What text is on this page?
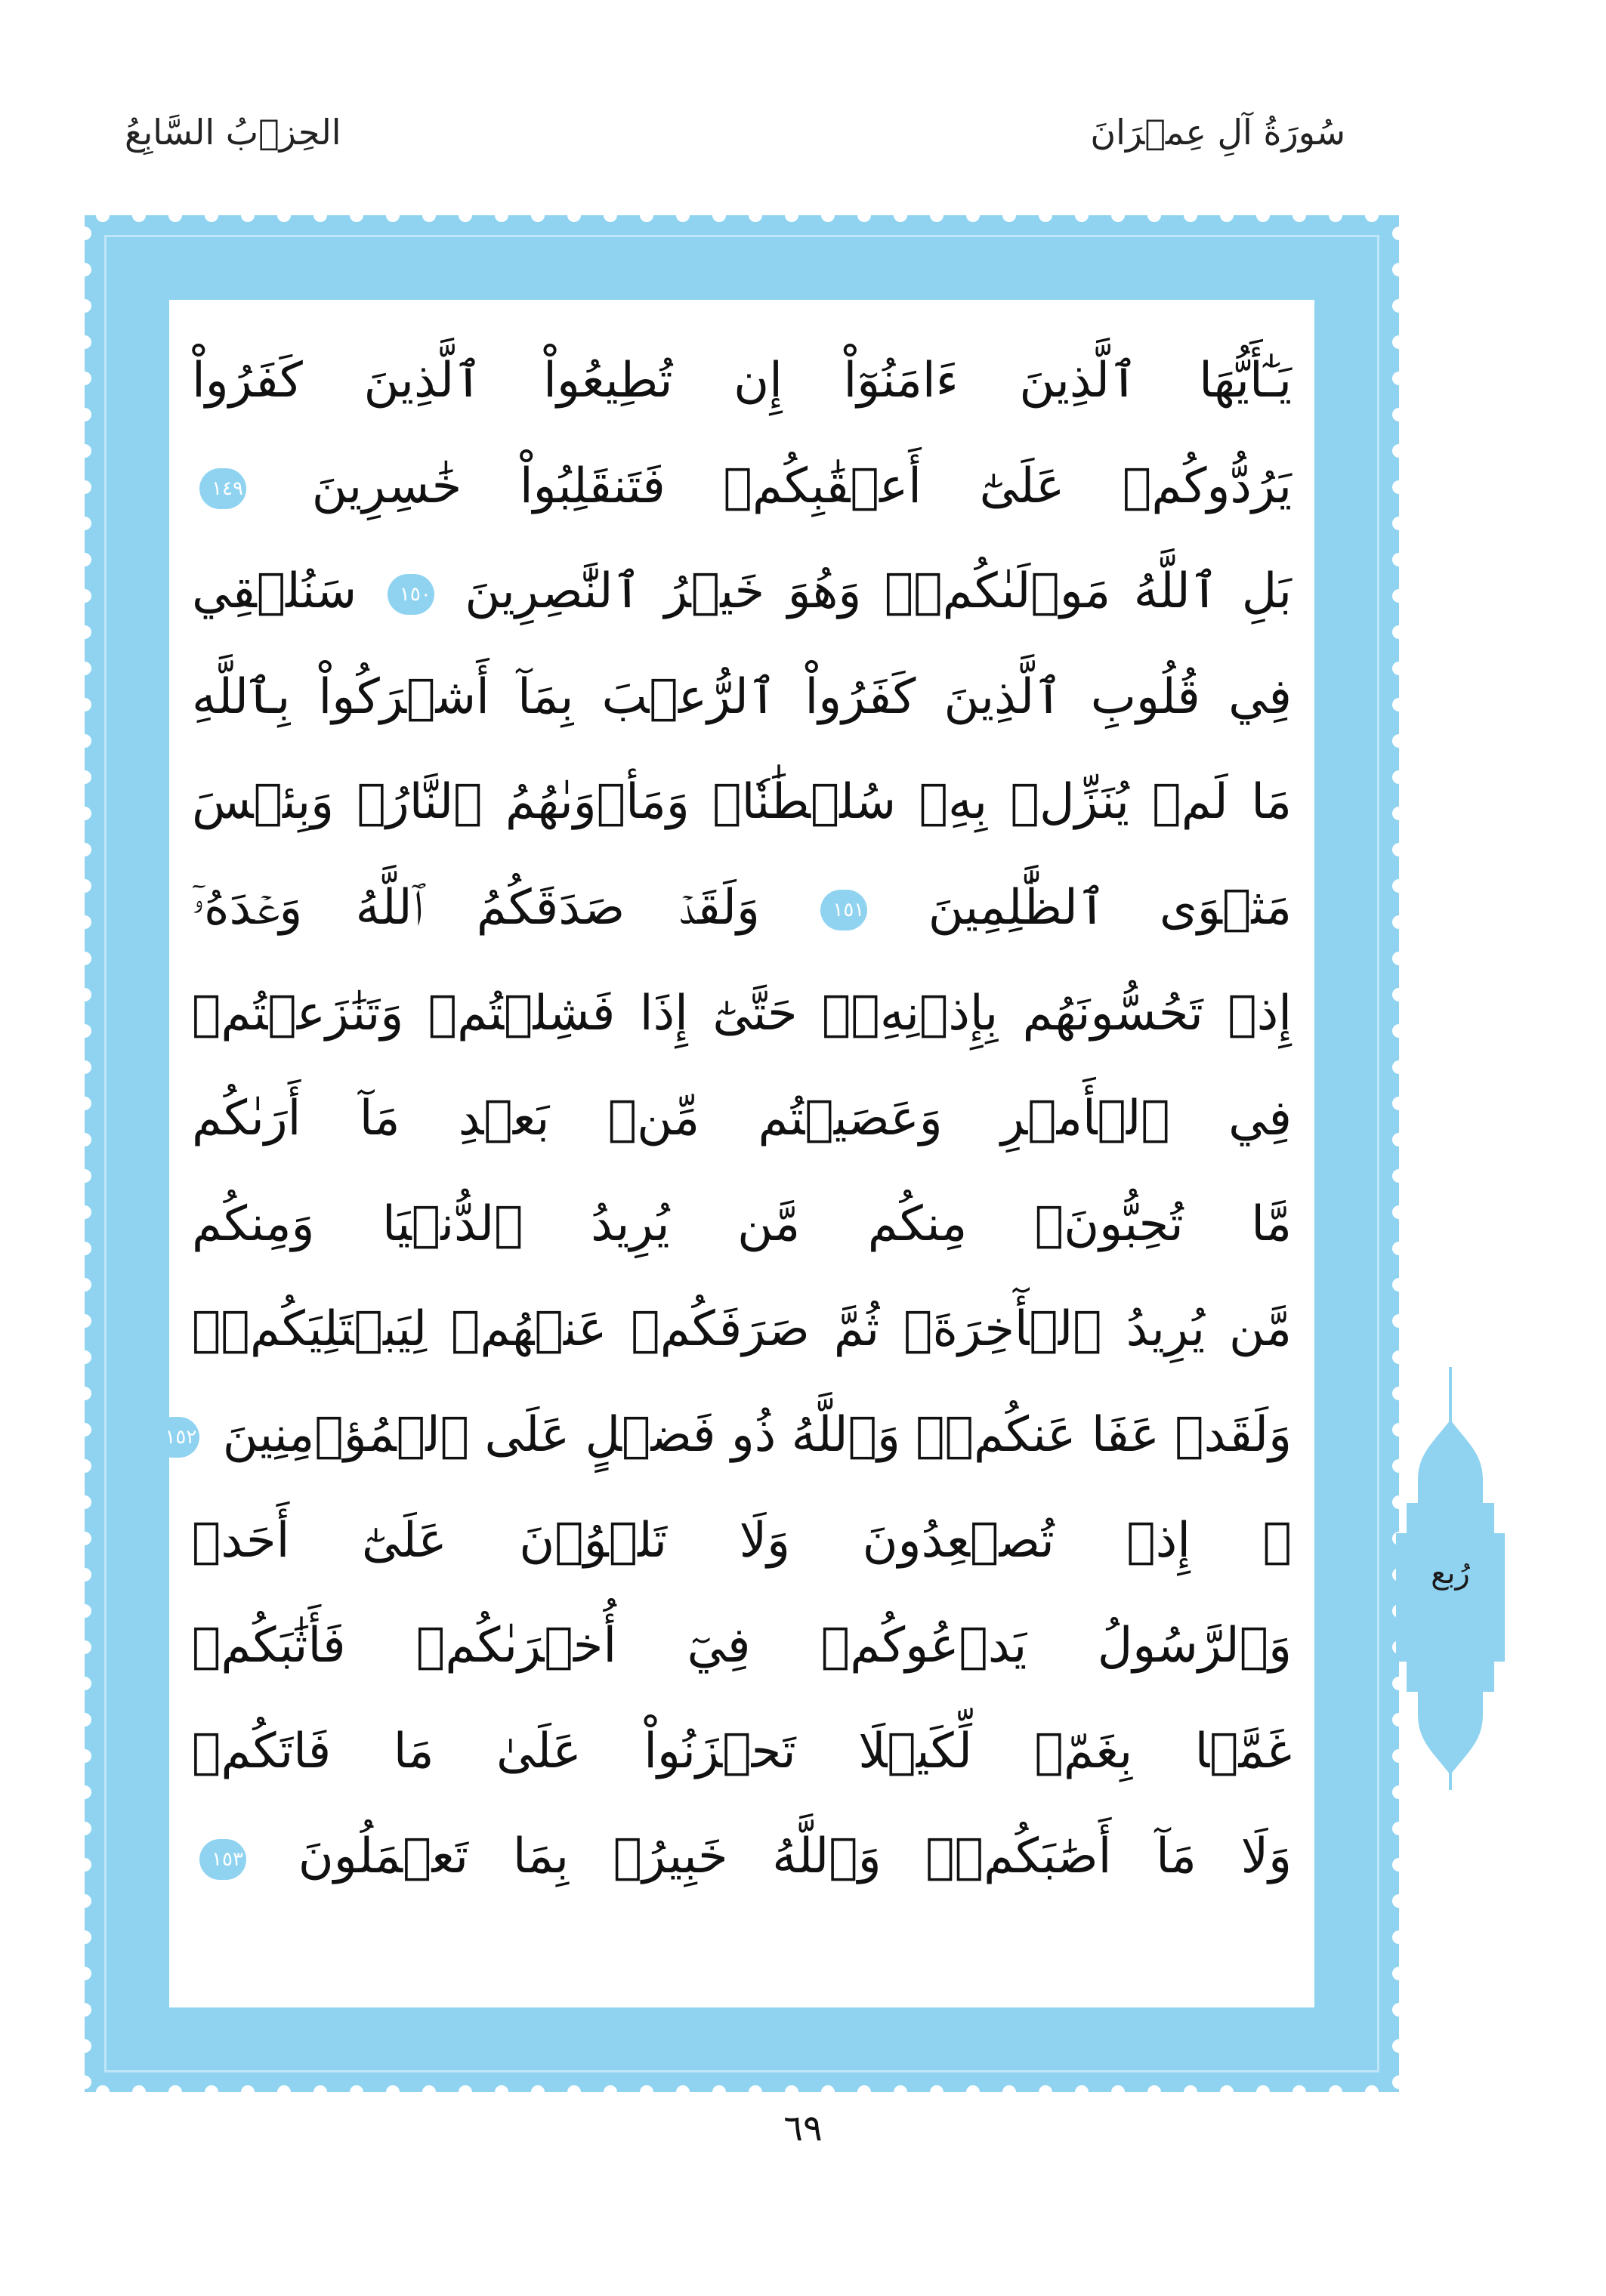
سُورَةُ آلِ عِمۡرَانَ
الحِزۡبُ السَّابِعُ
يَـٰٓأَيُّهَا ٱلَّذِينَ ءَامَنُوٓاْ إِن تُطِيعُواْ ٱلَّذِينَ كَفَرُواْ
يَرُدُّوكُمۡ عَلَىٰٓ أَعۡقَٰبِكُمۡ فَتَنقَلِبُواْ خَٰسِرِينَ ١٤٩
بَلِ ٱللَّهُ مَوۡلَىٰكُمۡۖ وَهُوَ خَيۡرُ ٱلنَّٰصِرِينَ ١٥٠ سَنُلۡقِي
فِي قُلُوبِ ٱلَّذِينَ كَفَرُواْ ٱلرُّعۡبَ بِمَآ أَشۡرَكُواْ بِٱللَّهِ
مَا لَمۡ يُنَزِّلۡ بِهِۦ سُلۡطَٰنٗاۖ وَمَأۡوَىٰهُمُ ٱلنَّارُۖ وَبِئۡسَ
مَثۡوَى ٱلظَّٰلِمِينَ ١٥١ وَلَقَدۡ صَدَقَكُمُ ٱللَّهُ وَعۡدَهُۥٓ
إِذۡ تَحُسُّونَهُم بِإِذۡنِهِۦۖ حَتَّىٰٓ إِذَا فَشِلۡتُمۡ وَتَنَٰزَعۡتُمۡ
فِي ٱلۡأَمۡرِ وَعَصَيۡتُم مِّنۢ بَعۡدِ مَآ أَرَىٰكُم
مَّا تُحِبُّونَۚ مِنكُم مَّن يُرِيدُ ٱلدُّنۡيَا وَمِنكُم
مَّن يُرِيدُ ٱلۡأٓخِرَةَۚ ثُمَّ صَرَفَكُمۡ عَنۡهُمۡ لِيَبۡتَلِيَكُمۡۖ
وَلَقَدۡ عَفَا عَنكُمۡۗ وَٱللَّهُ ذُو فَضۡلٍ عَلَى ٱلۡمُؤۡمِنِينَ ١٥٢
۞ إِذۡ تُصۡعِدُونَ وَلَا تَلۡوُۥنَ عَلَىٰٓ أَحَدٖ
وَٱلرَّسُولُ يَدۡعُوكُمۡ فِيٓ أُخۡرَىٰكُمۡ فَأَثَٰبَكُمۡ
غَمَّۢا بِغَمّٖ لِّكَيۡلَا تَحۡزَنُواْ عَلَىٰ مَا فَاتَكُمۡ
وَلَا مَآ أَصَٰبَكُمۡۗ وَٱللَّهُ خَبِيرُۢ بِمَا تَعۡمَلُونَ ١٥٣
رُبع
٦٩
